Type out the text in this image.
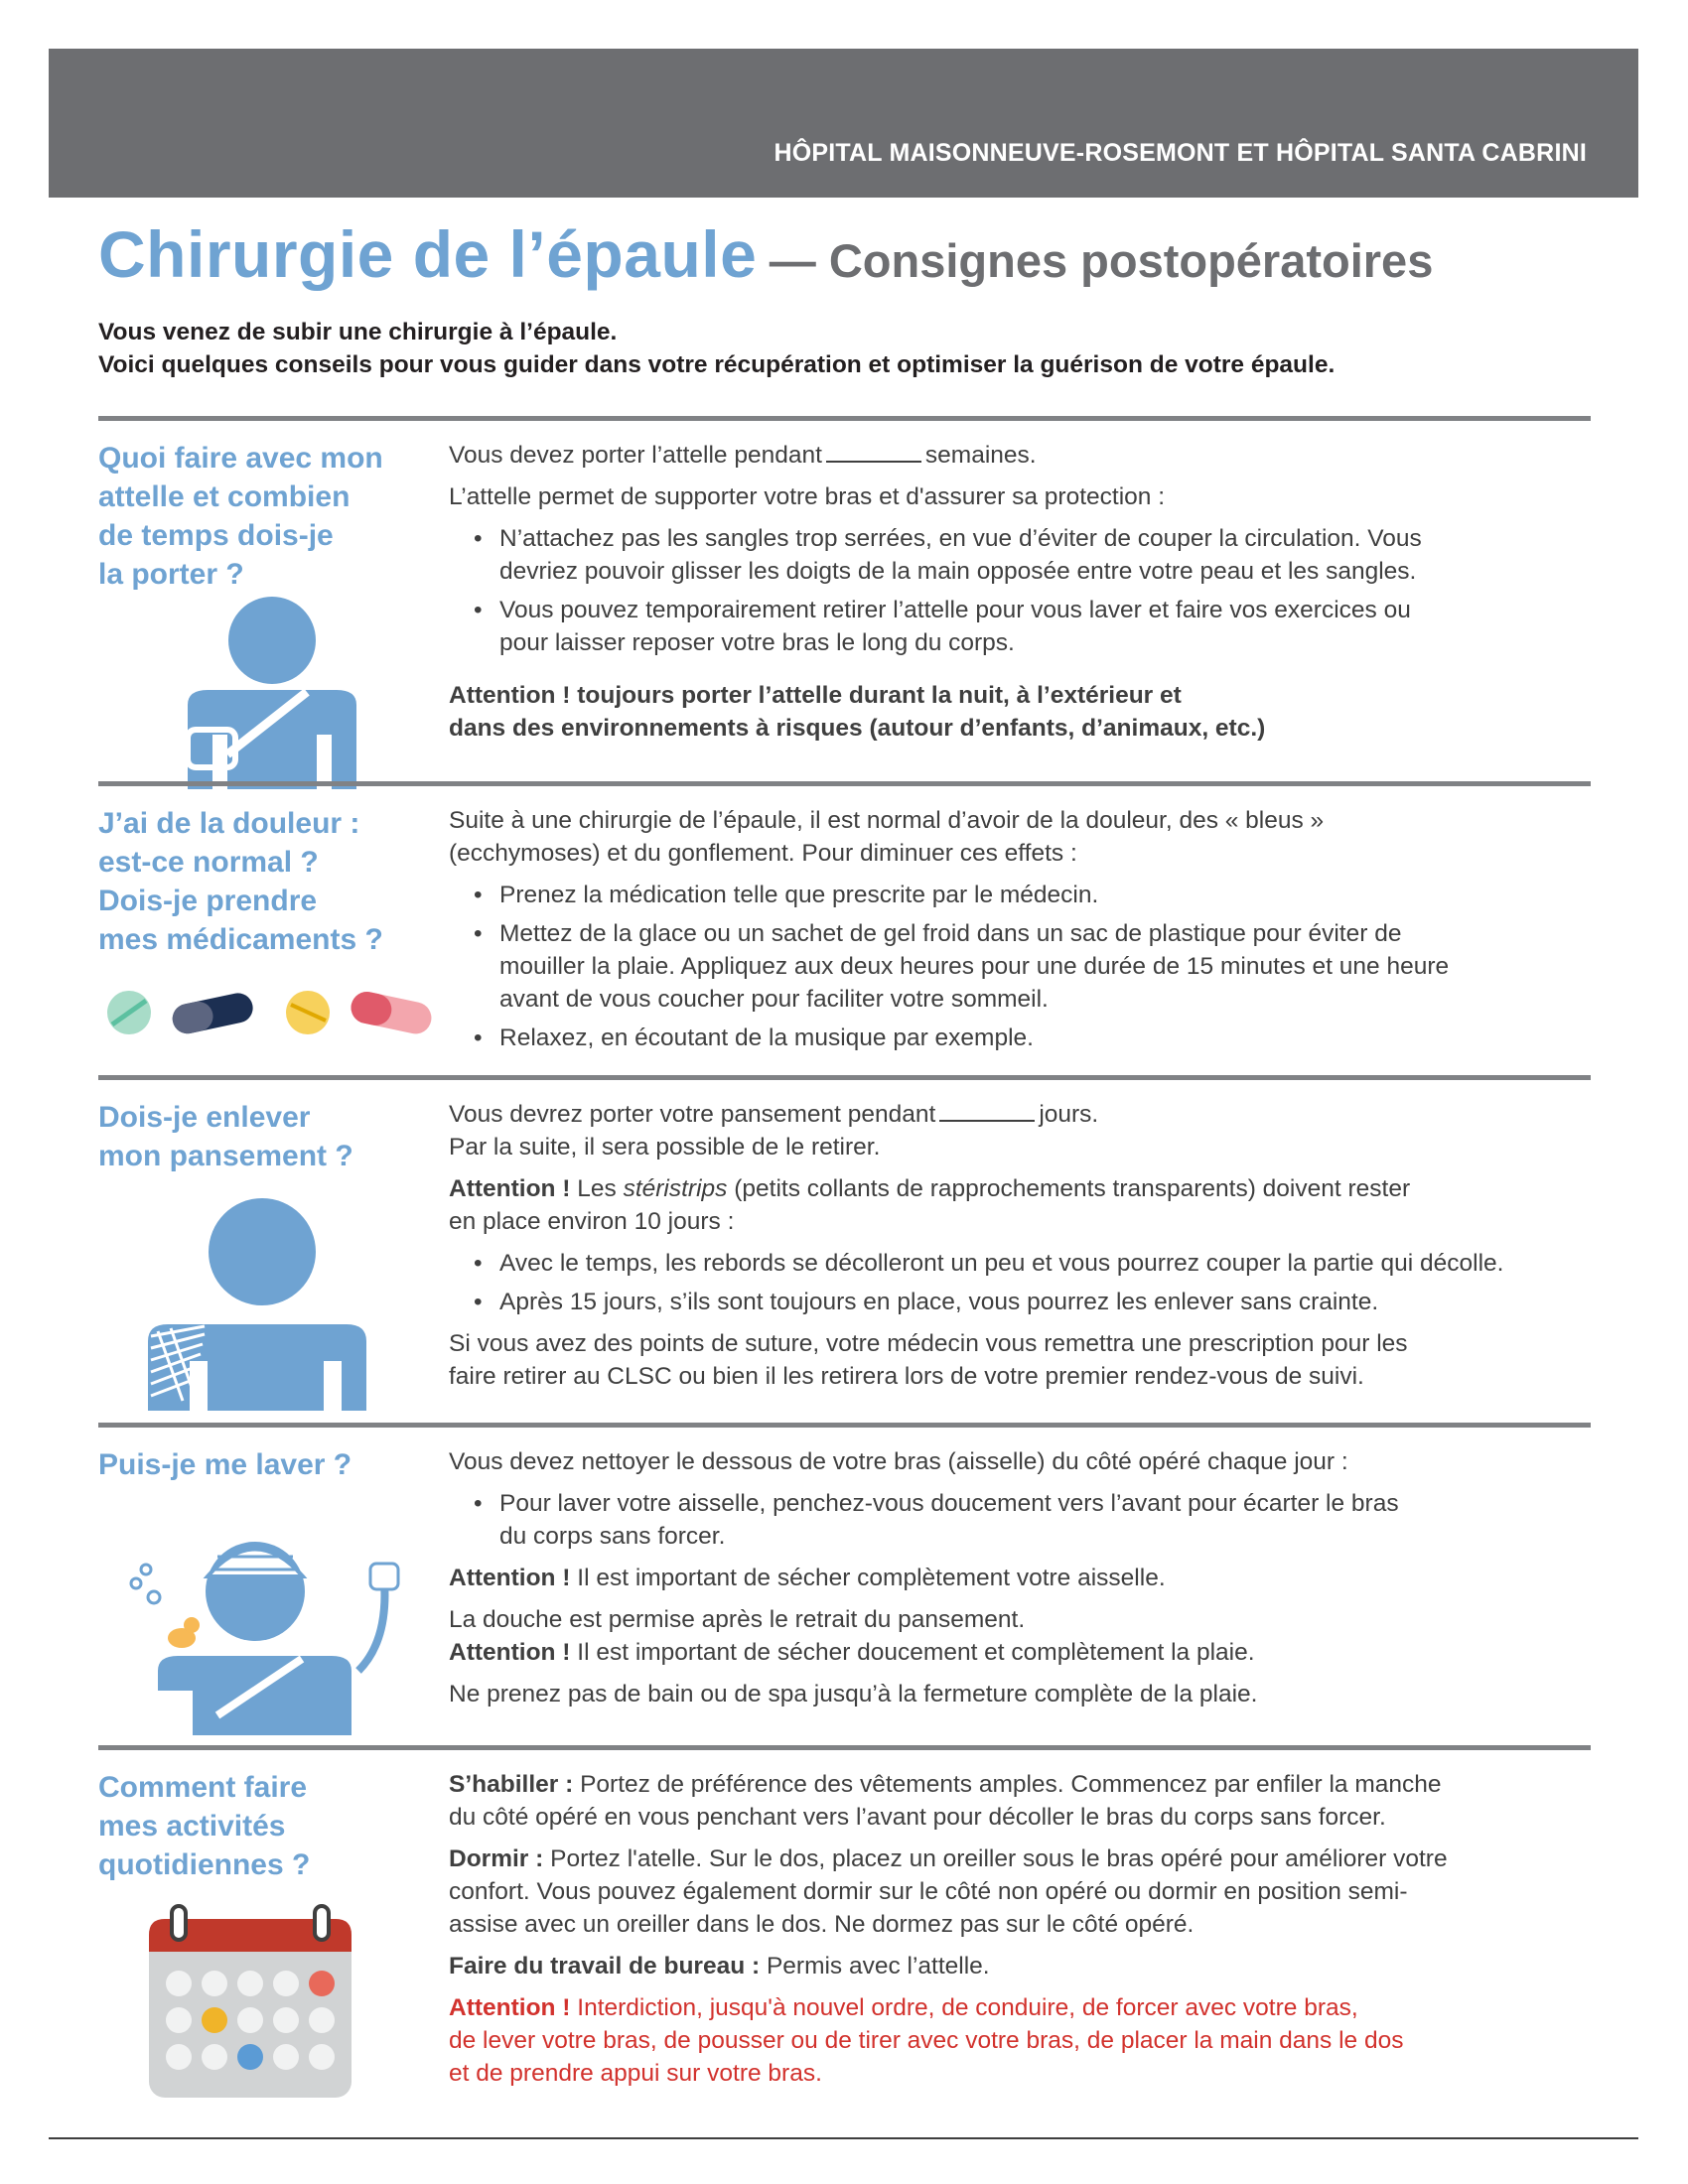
HÔPITAL MAISONNEUVE-ROSEMONT ET HÔPITAL SANTA CABRINI
Chirurgie de l’épaule — Consignes postopératoires
Vous venez de subir une chirurgie à l’épaule.
Voici quelques conseils pour vous guider dans votre récupération et optimiser la guérison de votre épaule.
Quoi faire avec mon
attelle et combien
de temps dois-je
la porter ?

Vous devez porter l’attelle pendant	semaines.

L’attelle permet de supporter votre bras et d'assurer sa protection :

• N’attachez pas les sangles trop serrées, en vue d’éviter de couper la circulation. Vous
devriez pouvoir glisser les doigts de la main opposée entre votre peau et les sangles.
• Vous pouvez temporairement retirer l’attelle pour vous laver et faire vos exercices ou
pour laisser reposer votre bras le long du corps.

Attention ! toujours porter l’attelle durant la nuit, à l’extérieur et
dans des environnements à risques (autour d’enfants, d’animaux, etc.)

J’ai de la douleur :
est-ce normal ?
Dois-je prendre
mes médicaments ?

Suite à une chirurgie de l’épaule, il est normal d’avoir de la douleur, des « bleus »
(ecchymoses) et du gonflement. Pour diminuer ces effets :

• Prenez la médication telle que prescrite par le médecin.
• Mettez de la glace ou un sachet de gel froid dans un sac de plastique pour éviter de
mouiller la plaie. Appliquez aux deux heures pour une durée de 15 minutes et une heure
avant de vous coucher pour faciliter votre sommeil.
• Relaxez, en écoutant de la musique par exemple.
Dois-je enlever
mon pansement ?

Vous devrez porter votre pansement pendant	jours.
Par la suite, il sera possible de le retirer.

Attention ! Les stéristrips (petits collants de rapprochements transparents) doivent rester
en place environ 10 jours :

• Avec le temps, les rebords se décolleront un peu et vous pourrez couper la partie qui décolle.
• Après 15 jours, s’ils sont toujours en place, vous pourrez les enlever sans crainte.

Si vous avez des points de suture, votre médecin vous remettra une prescription pour les
faire retirer au CLSC ou bien il les retirera lors de votre premier rendez-vous de suivi.

Puis-je me laver ?	Vous devez nettoyer le dessous de votre bras (aisselle) du côté opéré chaque jour :

• Pour laver votre aisselle, penchez-vous doucement vers l’avant pour écarter le bras
du corps sans forcer.

Attention ! Il est important de sécher complètement votre aisselle.

La douche est permise après le retrait du pansement.
Attention ! Il est important de sécher doucement et complètement la plaie.

Ne prenez pas de bain ou de spa jusqu’à la fermeture complète de la plaie.

Comment faire
mes activités
quotidiennes ?

S’habiller : Portez de préférence des vêtements amples. Commencez par enfiler la manche
du côté opéré en vous penchant vers l’avant pour décoller le bras du corps sans forcer.

Dormir : Portez l'atelle. Sur le dos, placez un oreiller sous le bras opéré pour améliorer votre
confort. Vous pouvez également dormir sur le côté non opéré ou dormir en position semi-
assise avec un oreiller dans le dos. Ne dormez pas sur le côté opéré.

Faire du travail de bureau : Permis avec l’attelle.

Attention ! Interdiction, jusqu'à nouvel ordre, de conduire, de forcer avec votre bras,
de lever votre bras, de pousser ou de tirer avec votre bras, de placer la main dans le dos
et de prendre appui sur votre bras.
